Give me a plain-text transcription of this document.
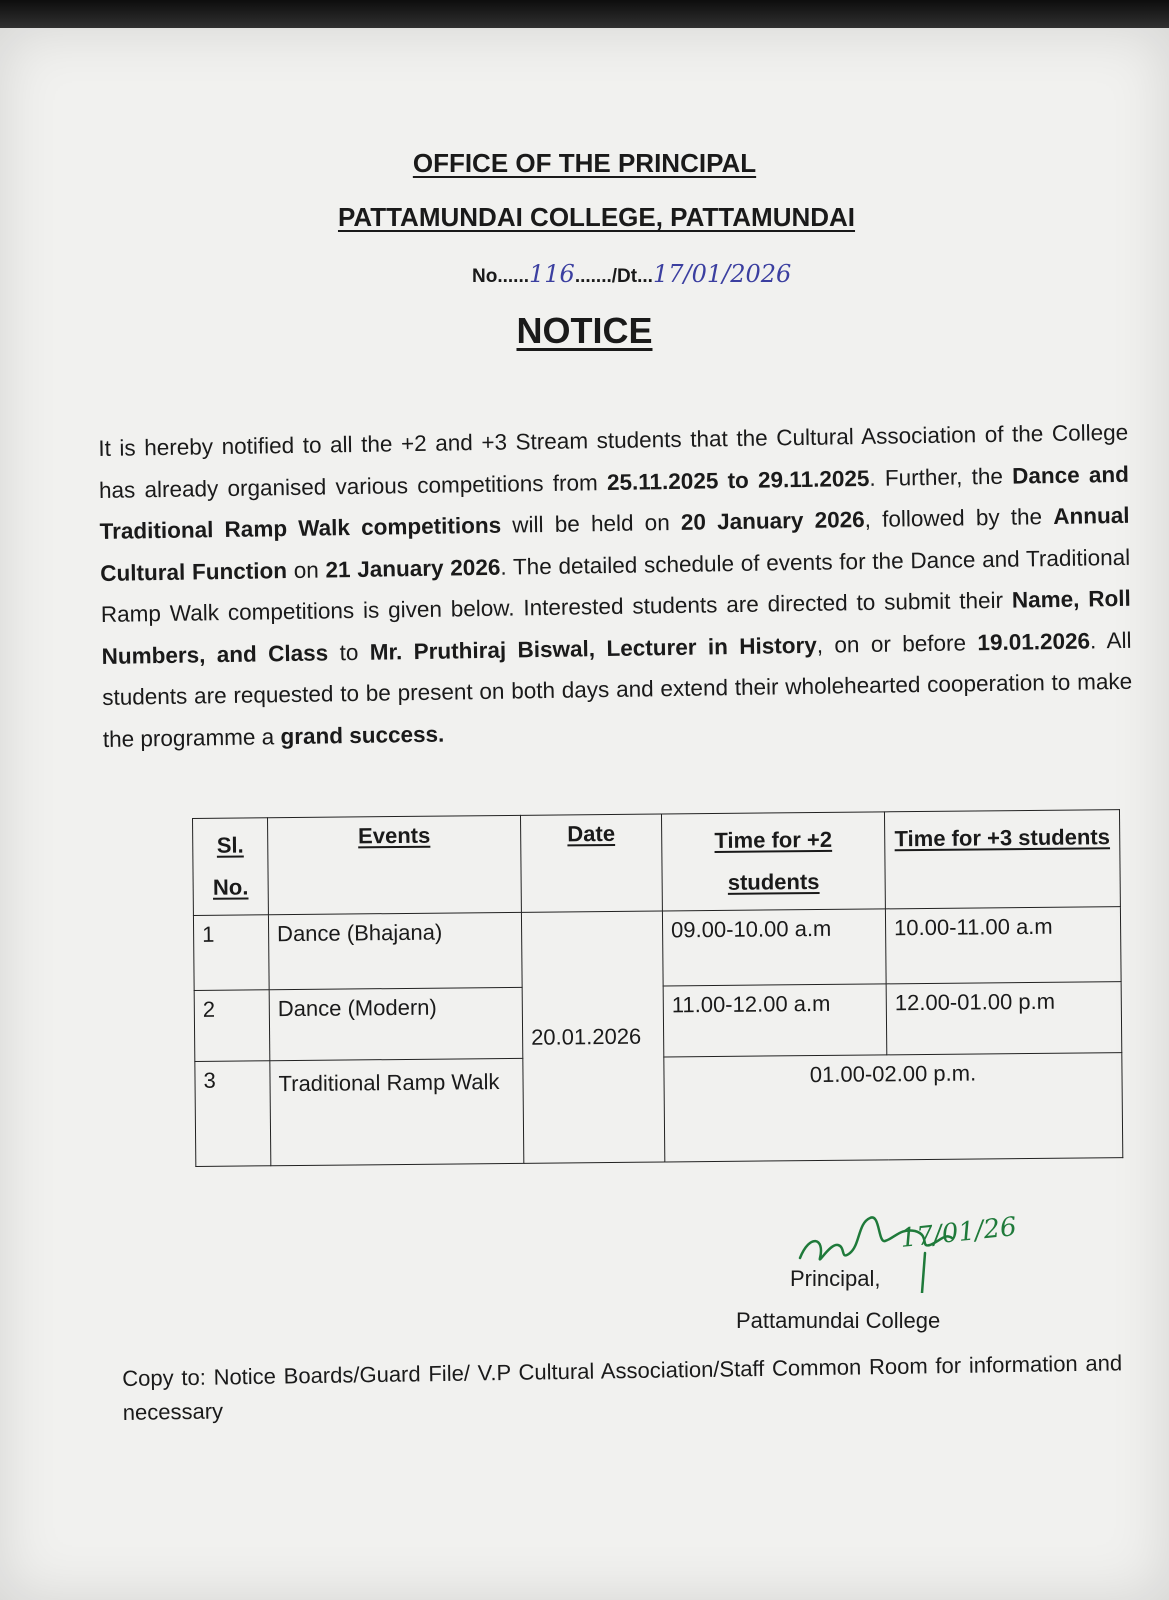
OFFICE OF THE PRINCIPAL
PATTAMUNDAI COLLEGE, PATTAMUNDAI
No......116......./Dt...17/01/2026
NOTICE
It is hereby notified to all the +2 and +3 Stream students that the Cultural Association of the College has already organised various competitions from 25.11.2025 to 29.11.2025. Further, the Dance and Traditional Ramp Walk competitions will be held on 20 January 2026, followed by the Annual Cultural Function on 21 January 2026. The detailed schedule of events for the Dance and Traditional Ramp Walk competitions is given below. Interested students are directed to submit their Name, Roll Numbers, and Class to Mr. Pruthiraj Biswal, Lecturer in History, on or before 19.01.2026. All students are requested to be present on both days and extend their wholehearted cooperation to make the programme a grand success.
Sl. No.	Events	Date	Time for +2 students	Time for +3 students
1	Dance (Bhajana)	20.01.2026	09.00-10.00 a.m	10.00-11.00 a.m
2	Dance (Modern)		11.00-12.00 a.m	12.00-01.00 p.m
3	Traditional Ramp Walk		01.00-02.00 p.m.	
17/01/26
Principal,
Pattamundai College
Copy to: Notice Boards/Guard File/ V.P Cultural Association/Staff Common Room for information and necessary
